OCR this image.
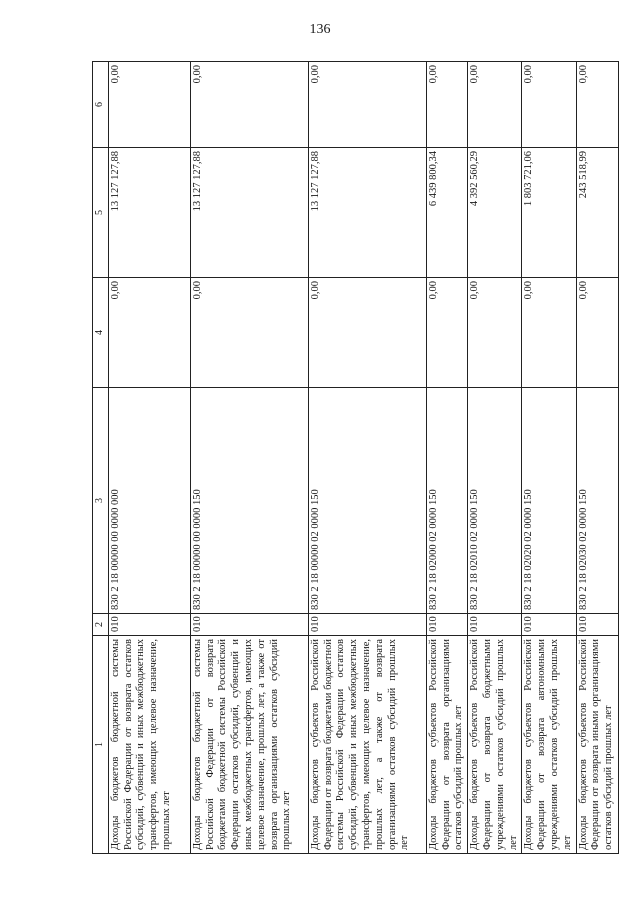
136
1	2	3	4	5	6
Доходы бюджетов бюджетной системы Российской Федерации от возврата остатков субсидий, субвенций и иных межбюджетных трансфертов, имеющих целевое назначение, прошлых лет	010	830 2 18 00000 00 0000 000	0,00	13 127 127,88	0,00
Доходы бюджетов бюджетной системы Российской Федерации от возврата бюджетами бюджетной системы Российской Федерации остатков субсидий, субвенций и иных межбюджетных трансфертов, имеющих целевое назначение, прошлых лет, а также от возврата организациями остатков субсидий прошлых лет	010	830 2 18 00000 00 0000 150	0,00	13 127 127,88	0,00
Доходы бюджетов субъектов Российской Федерации от возврата бюджетами бюджетной системы Российской Федерации остатков субсидий, субвенций и иных межбюджетных трансфертов, имеющих целевое назначение, прошлых лет, а также от возврата организациями остатков субсидий прошлых лет	010	830 2 18 00000 02 0000 150	0,00	13 127 127,88	0,00
Доходы бюджетов субъектов Российской Федерации от возврата организациями остатков субсидий прошлых лет	010	830 2 18 02000 02 0000 150	0,00	6 439 800,34	0,00
Доходы бюджетов субъектов Российской Федерации от возврата бюджетными учреждениями остатков субсидий прошлых лет	010	830 2 18 02010 02 0000 150	0,00	4 392 560,29	0,00
Доходы бюджетов субъектов Российской Федерации от возврата автономными учреждениями остатков субсидий прошлых лет	010	830 2 18 02020 02 0000 150	0,00	1 803 721,06	0,00
Доходы бюджетов субъектов Российской Федерации от возврата иными организациями остатков субсидий прошлых лет	010	830 2 18 02030 02 0000 150	0,00	243 518,99	0,00
